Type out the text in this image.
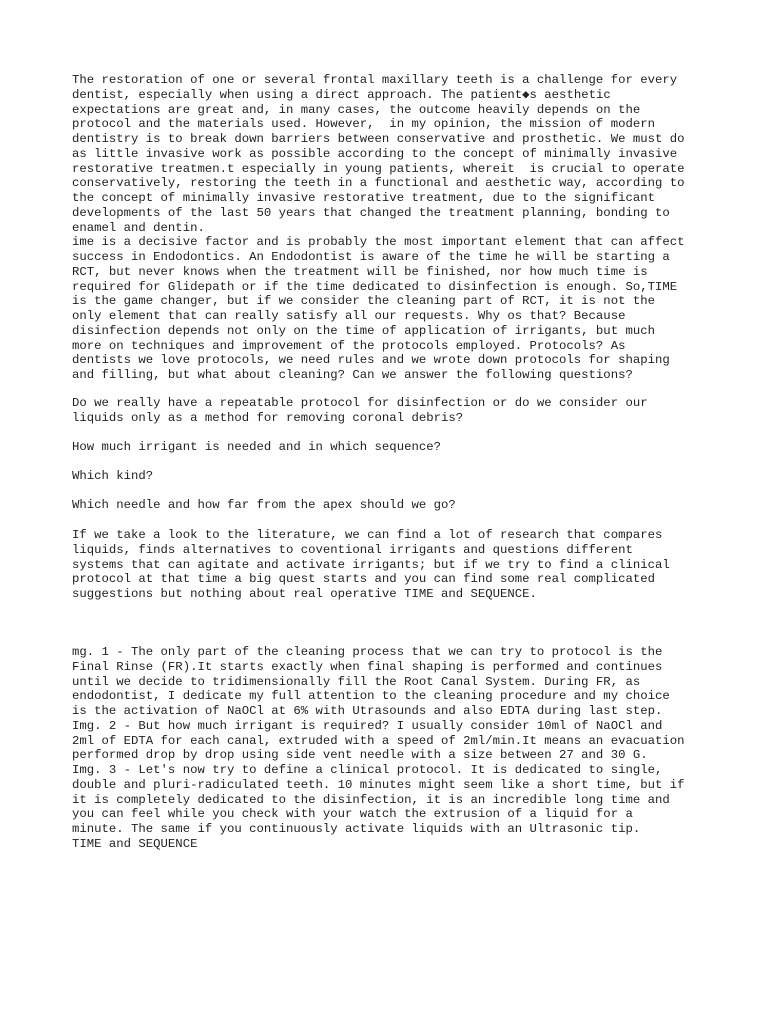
The restoration of one or several frontal maxillary teeth is a challenge for every
dentist, especially when using a direct approach. The patient◆s aesthetic
expectations are great and, in many cases, the outcome heavily depends on the
protocol and the materials used. However,  in my opinion, the mission of modern
dentistry is to break down barriers between conservative and prosthetic. We must do
as little invasive work as possible according to the concept of minimally invasive
restorative treatmen.t especially in young patients, whereit  is crucial to operate
conservatively, restoring the teeth in a functional and aesthetic way, according to
the concept of minimally invasive restorative treatment, due to the significant
developments of the last 50 years that changed the treatment planning, bonding to
enamel and dentin.
ime is a decisive factor and is probably the most important element that can affect
success in Endodontics. An Endodontist is aware of the time he will be starting a
RCT, but never knows when the treatment will be finished, nor how much time is
required for Glidepath or if the time dedicated to disinfection is enough. So,TIME
is the game changer, but if we consider the cleaning part of RCT, it is not the
only element that can really satisfy all our requests. Why os that? Because
disinfection depends not only on the time of application of irrigants, but much
more on techniques and improvement of the protocols employed. Protocols? As
dentists we love protocols, we need rules and we wrote down protocols for shaping
and filling, but what about cleaning? Can we answer the following questions?

Do we really have a repeatable protocol for disinfection or do we consider our
liquids only as a method for removing coronal debris?

How much irrigant is needed and in which sequence?

Which kind?

Which needle and how far from the apex should we go?

If we take a look to the literature, we can find a lot of research that compares
liquids, finds alternatives to coventional irrigants and questions different
systems that can agitate and activate irrigants; but if we try to find a clinical
protocol at that time a big quest starts and you can find some real complicated
suggestions but nothing about real operative TIME and SEQUENCE.

mg. 1 - The only part of the cleaning process that we can try to protocol is the
Final Rinse (FR).It starts exactly when final shaping is performed and continues
until we decide to tridimensionally fill the Root Canal System. During FR, as
endodontist, I dedicate my full attention to the cleaning procedure and my choice
is the activation of NaOCl at 6% with Utrasounds and also EDTA during last step.
Img. 2 - But how much irrigant is required? I usually consider 10ml of NaOCl and
2ml of EDTA for each canal, extruded with a speed of 2ml/min.It means an evacuation
performed drop by drop using side vent needle with a size between 27 and 30 G.
Img. 3 - Let's now try to define a clinical protocol. It is dedicated to single,
double and pluri-radiculated teeth. 10 minutes might seem like a short time, but if
it is completely dedicated to the disinfection, it is an incredible long time and
you can feel while you check with your watch the extrusion of a liquid for a
minute. The same if you continuously activate liquids with an Ultrasonic tip.
TIME and SEQUENCE
